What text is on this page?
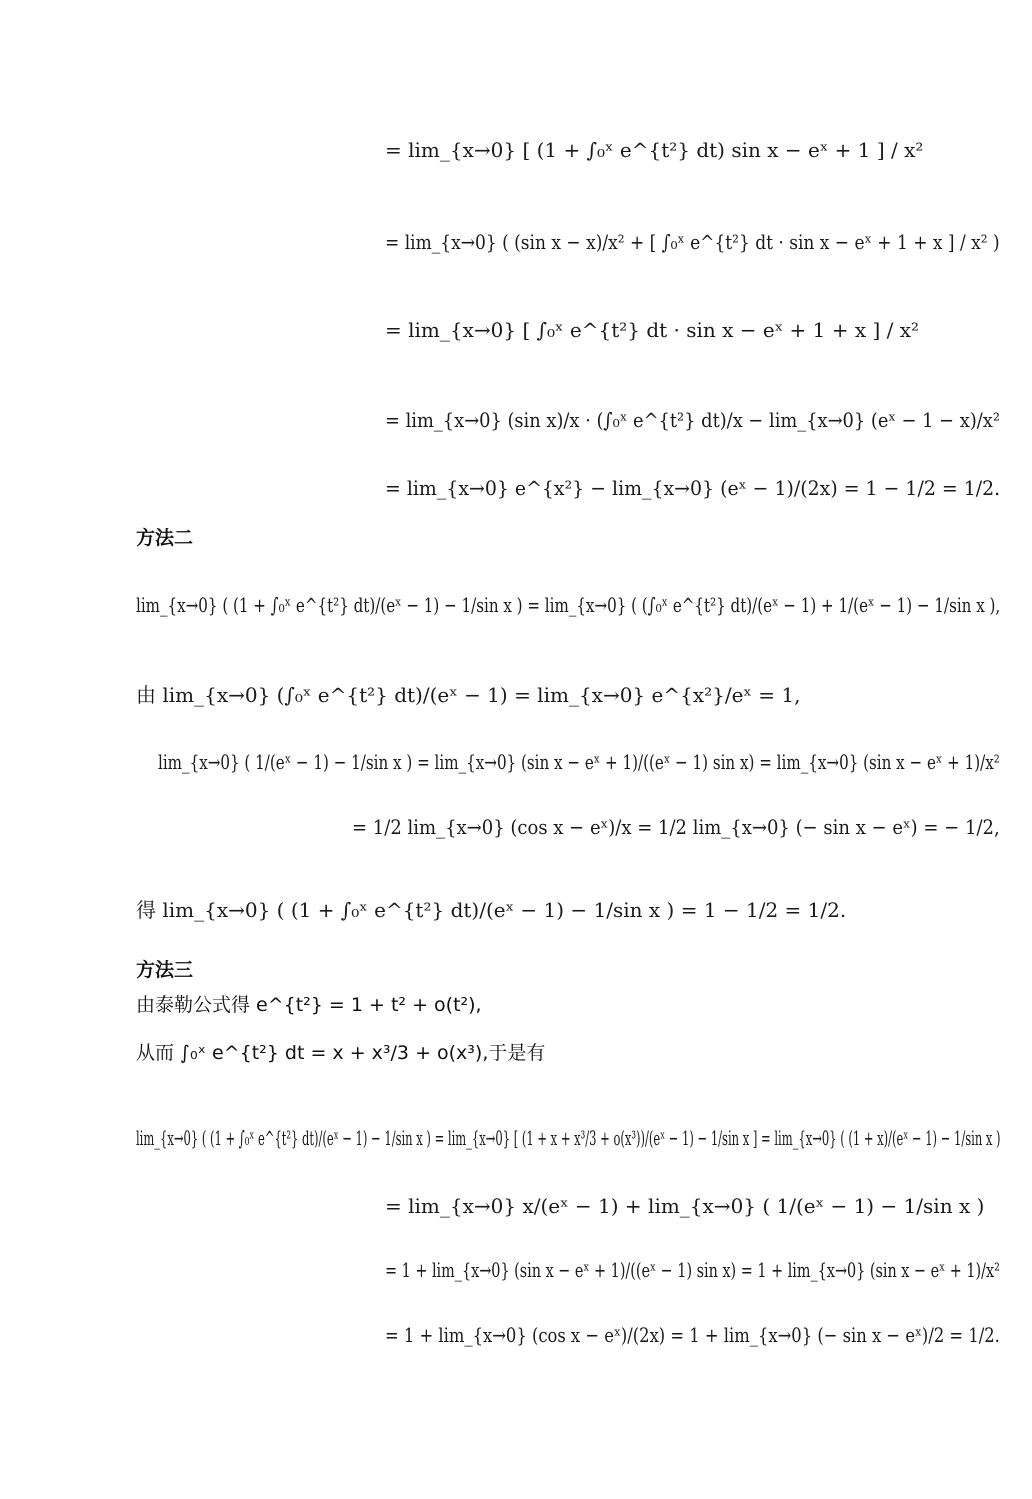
= lim_{x→0} [ (1 + ∫₀ˣ e^{t²} dt) sin x − eˣ + 1 ] / x²
= lim_{x→0} ( (sin x − x)/x² + [ ∫₀ˣ e^{t²} dt · sin x − eˣ + 1 + x ] / x² )
= lim_{x→0} [ ∫₀ˣ e^{t²} dt · sin x − eˣ + 1 + x ] / x²
= lim_{x→0} (sin x)/x · (∫₀ˣ e^{t²} dt)/x − lim_{x→0} (eˣ − 1 − x)/x²
= lim_{x→0} e^{x²} − lim_{x→0} (eˣ − 1)/(2x) = 1 − 1/2 = 1/2.
方法二
lim_{x→0} ( (1 + ∫₀ˣ e^{t²} dt)/(eˣ − 1) − 1/sin x ) = lim_{x→0} ( (∫₀ˣ e^{t²} dt)/(eˣ − 1) + 1/(eˣ − 1) − 1/sin x ),
由 lim_{x→0} (∫₀ˣ e^{t²} dt)/(eˣ − 1) = lim_{x→0} e^{x²}/eˣ = 1,
lim_{x→0} ( 1/(eˣ − 1) − 1/sin x ) = lim_{x→0} (sin x − eˣ + 1)/((eˣ − 1) sin x) = lim_{x→0} (sin x − eˣ + 1)/x²
= 1/2 lim_{x→0} (cos x − eˣ)/x = 1/2 lim_{x→0} (− sin x − eˣ) = − 1/2,
得 lim_{x→0} ( (1 + ∫₀ˣ e^{t²} dt)/(eˣ − 1) − 1/sin x ) = 1 − 1/2 = 1/2.
方法三
由泰勒公式得 e^{t²} = 1 + t² + o(t²),
从而 ∫₀ˣ e^{t²} dt = x + x³/3 + o(x³),于是有
lim_{x→0} ( (1 + ∫₀ˣ e^{t²} dt)/(eˣ − 1) − 1/sin x ) = lim_{x→0} [ (1 + x + x³/3 + o(x³))/(eˣ − 1) − 1/sin x ] = lim_{x→0} ( (1 + x)/(eˣ − 1) − 1/sin x )
= lim_{x→0} x/(eˣ − 1) + lim_{x→0} ( 1/(eˣ − 1) − 1/sin x )
= 1 + lim_{x→0} (sin x − eˣ + 1)/((eˣ − 1) sin x) = 1 + lim_{x→0} (sin x − eˣ + 1)/x²
= 1 + lim_{x→0} (cos x − eˣ)/(2x) = 1 + lim_{x→0} (− sin x − eˣ)/2 = 1/2.
